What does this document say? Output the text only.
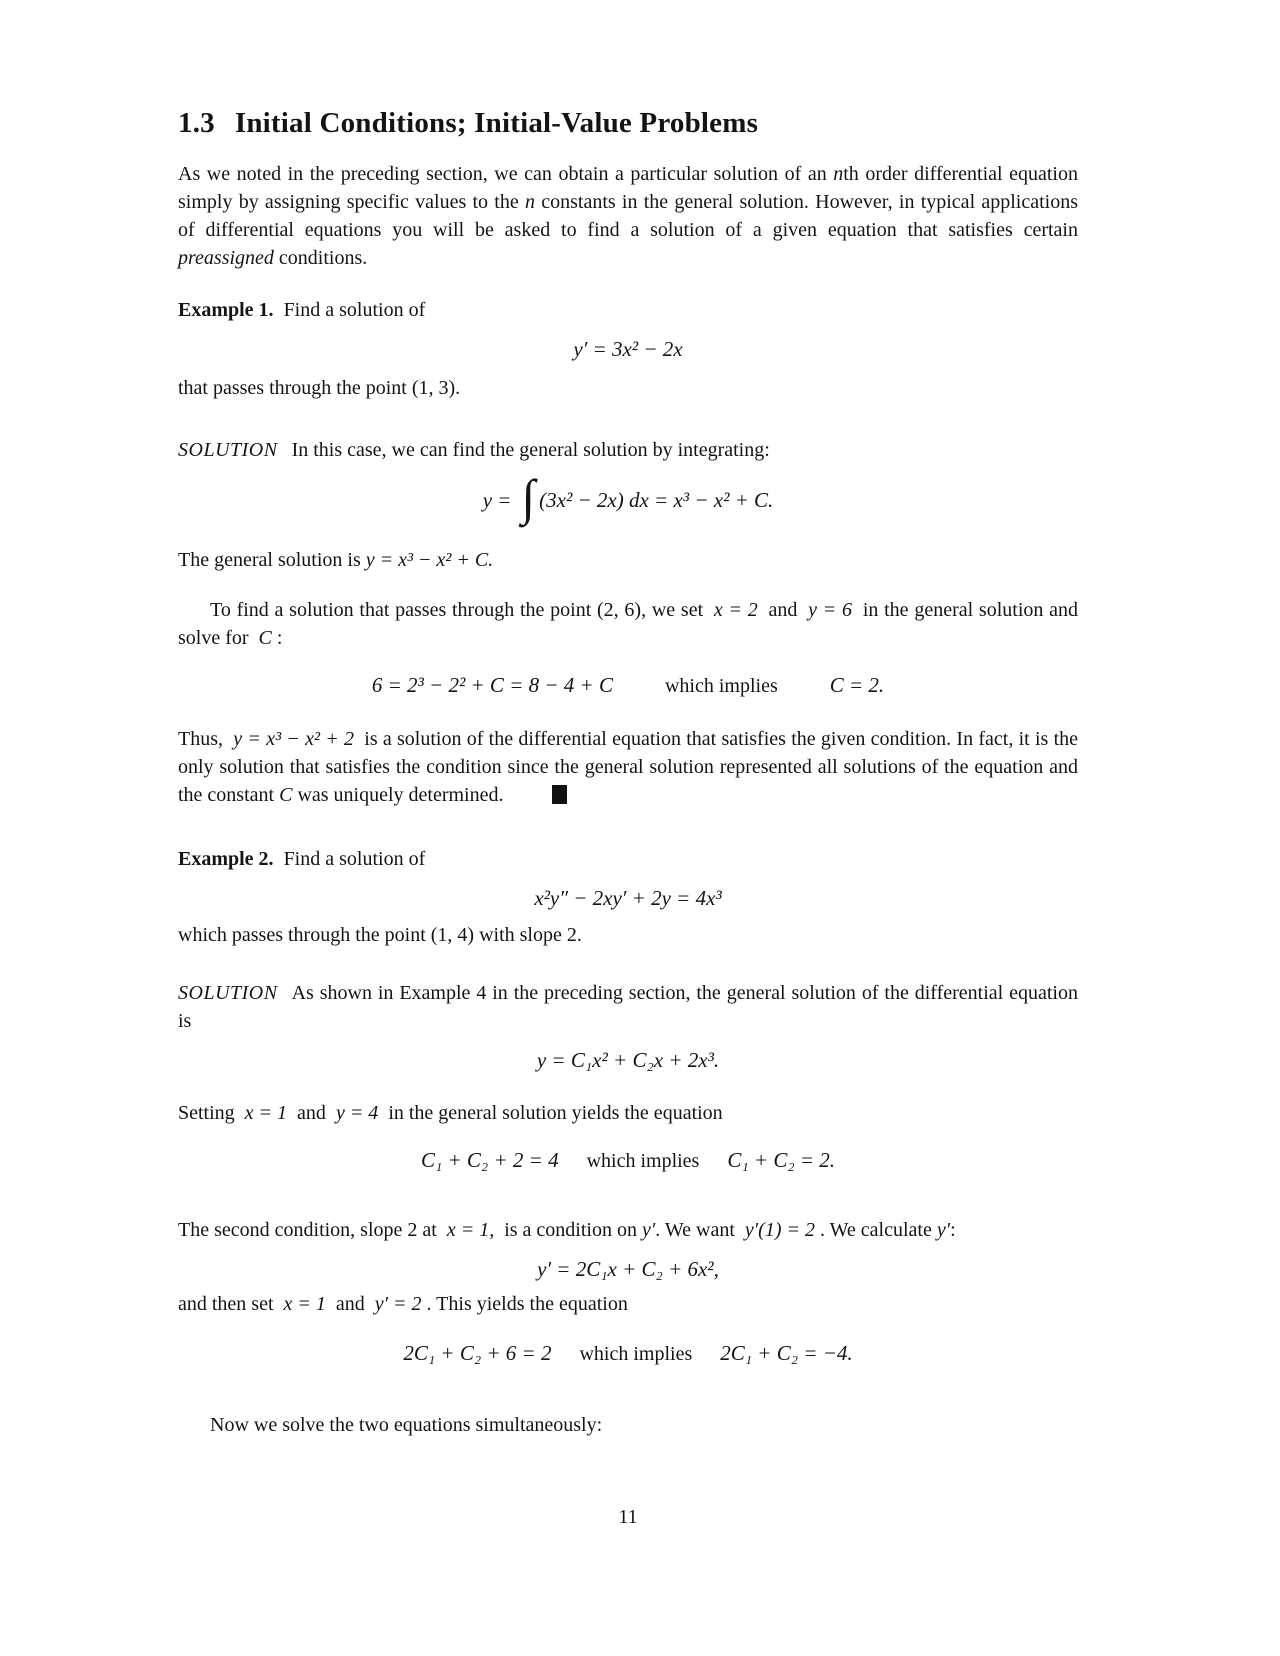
1.3 Initial Conditions; Initial-Value Problems

As we noted in the preceding section, we can obtain a particular solution of an nth order differential equation simply by assigning specific values to the n constants in the general solution. However, in typical applications of differential equations you will be asked to find a solution of a given equation that satisfies certain preassigned conditions.

Example 1. Find a solution of

y′ = 3x² − 2x

that passes through the point (1, 3).

SOLUTION In this case, we can find the general solution by integrating:

y = ∫ (3x² − 2x) dx = x³ − x² + C.

The general solution is y = x³ − x² + C.

To find a solution that passes through the point (2, 6), we set x = 2 and y = 6 in the general solution and solve for C :

6 = 2³ − 2² + C = 8 − 4 + C	which implies C = 2.

Thus, y = x³ − x² + 2 is a solution of the differential equation that satisfies the given condition. In fact, it is the only solution that satisfies the condition since the general solution represented all solutions of the equation and the constant C was uniquely determined.

Example 2. Find a solution of

x²y″ − 2xy′ + 2y = 4x³

which passes through the point (1, 4) with slope 2.

SOLUTION As shown in Example 4 in the preceding section, the general solution of the differential equation is

y = C₁x² + C₂x + 2x³.

Setting x = 1 and y = 4 in the general solution yields the equation

C₁ + C₂ + 2 = 4 which implies C₁ + C₂ = 2.

The second condition, slope 2 at x = 1, is a condition on y′. We want y′(1) = 2 . We calculate y′:

y′ = 2C₁x + C₂ + 6x²,

and then set x = 1 and y′ = 2 . This yields the equation

2C₁ + C₂ + 6 = 2 which implies 2C₁ + C₂ = −4.

Now we solve the two equations simultaneously:

11
